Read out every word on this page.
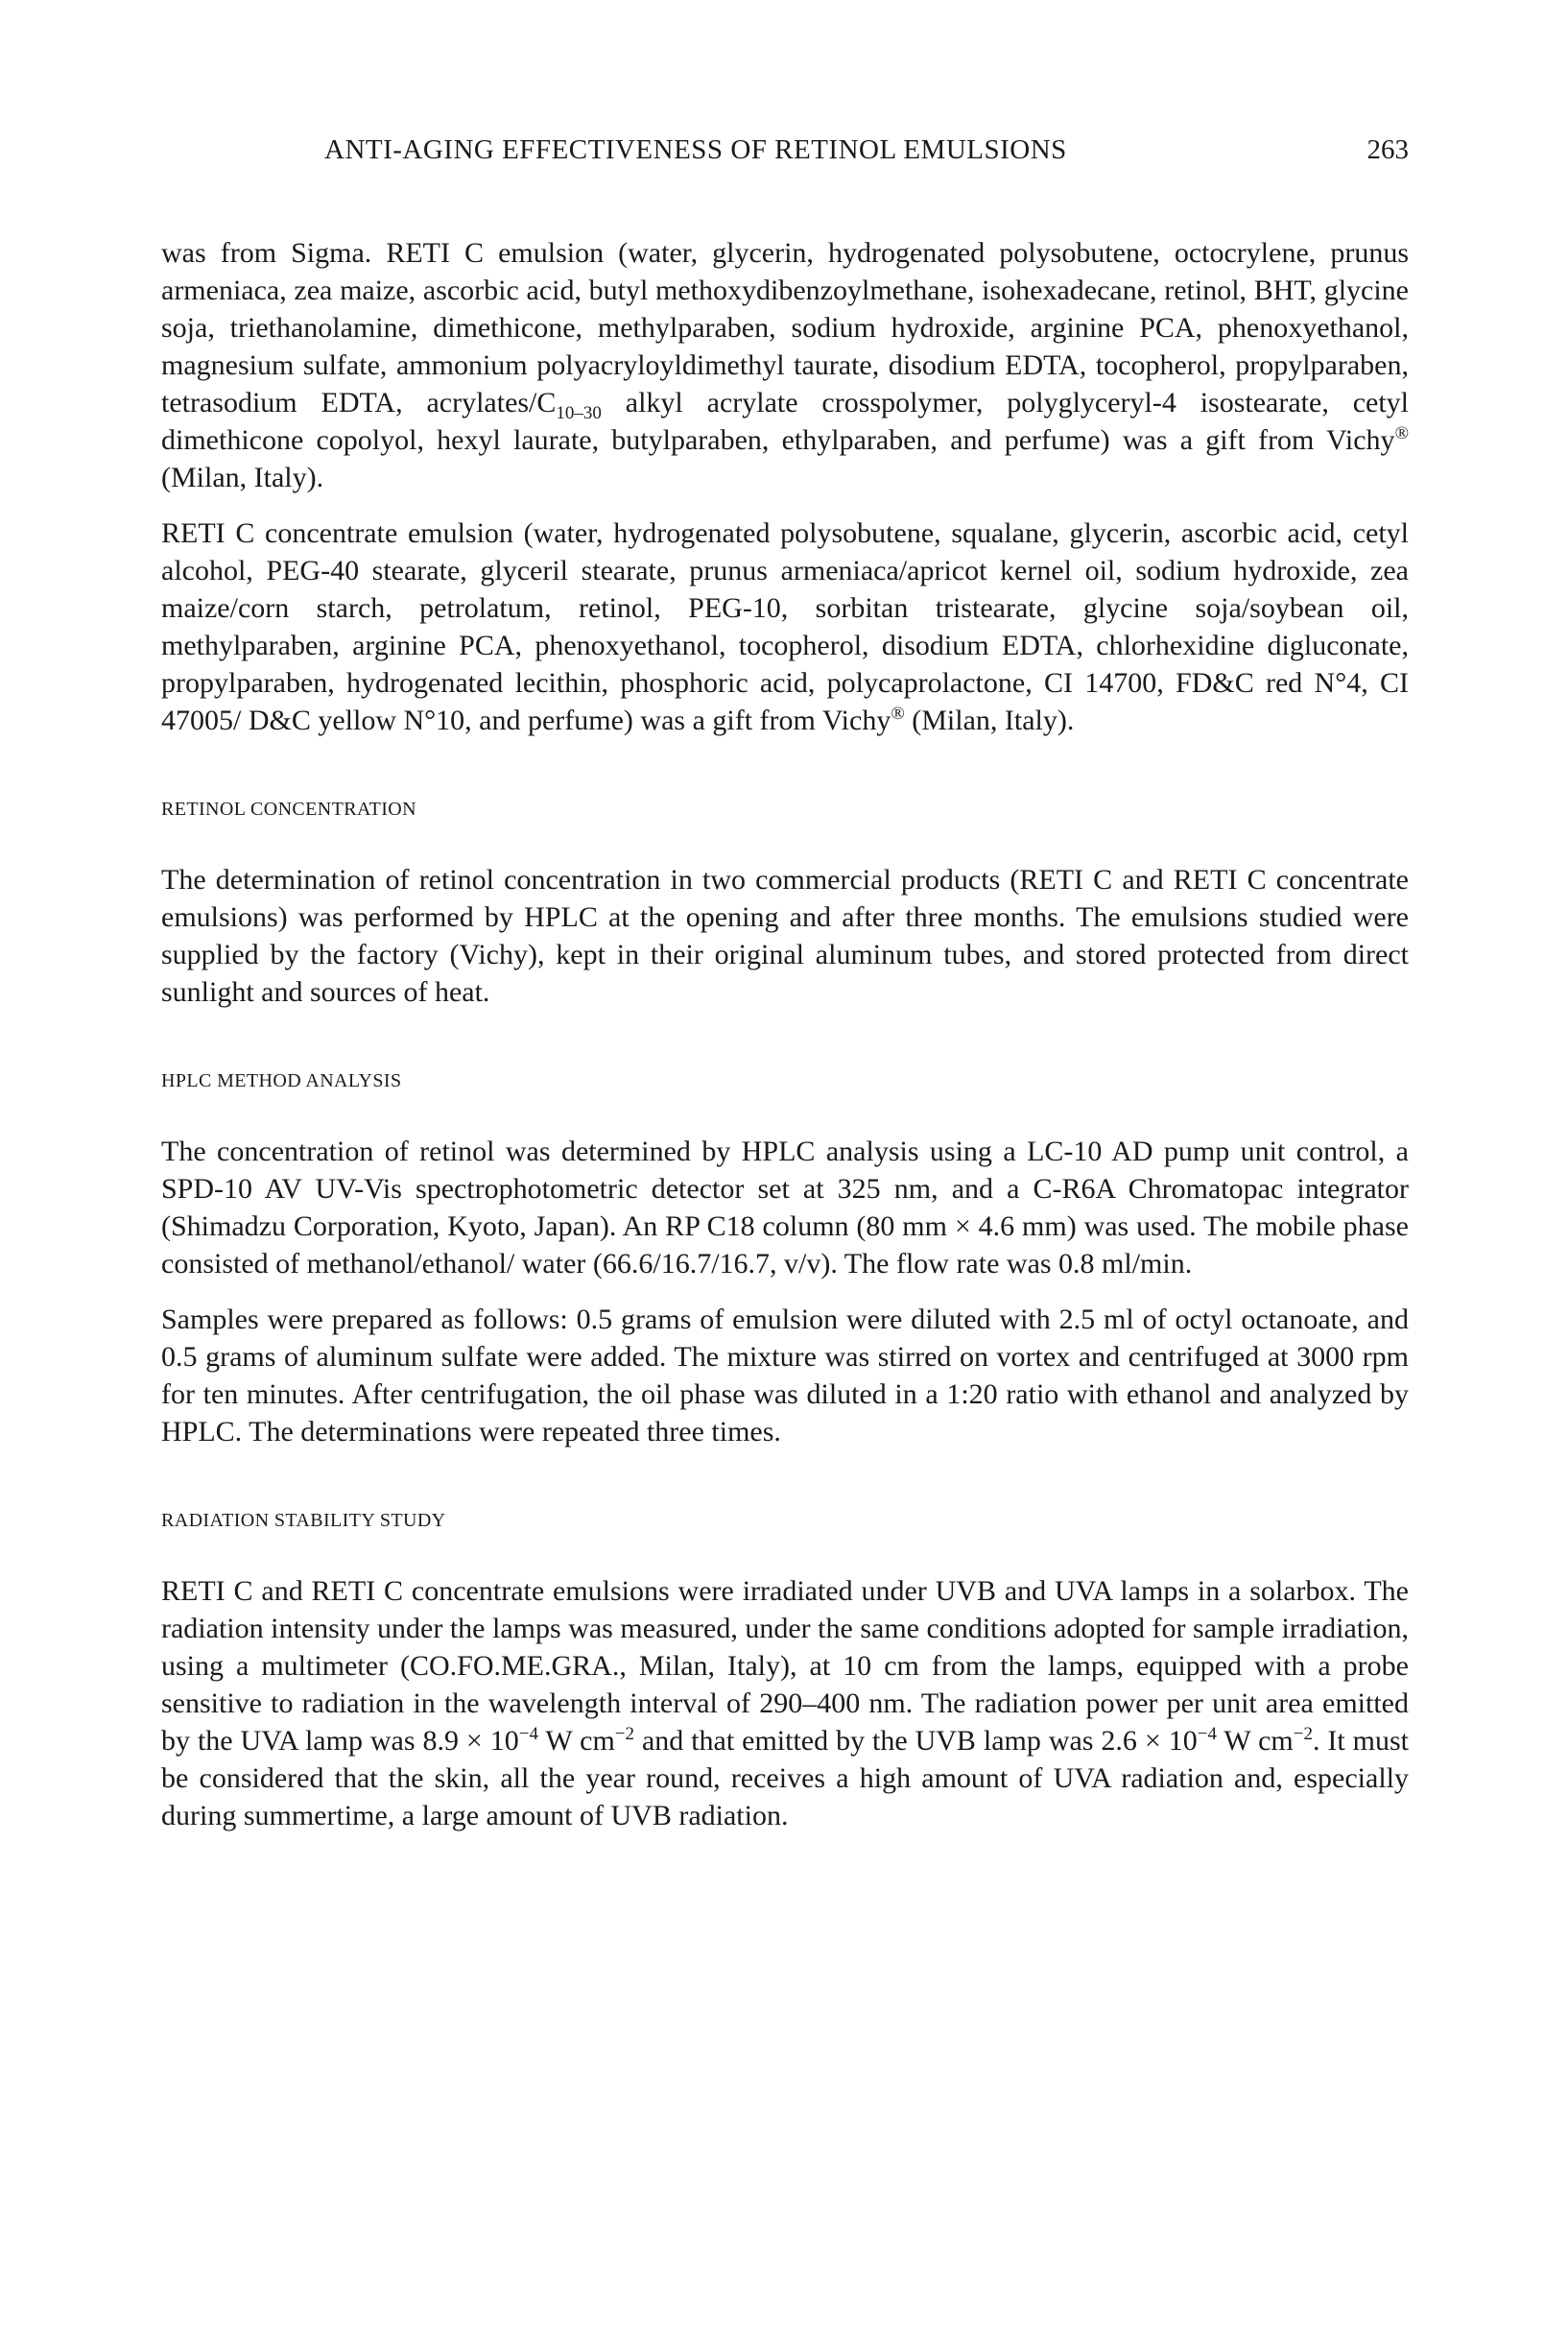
ANTI-AGING EFFECTIVENESS OF RETINOL EMULSIONS	263

was from Sigma. RETI C emulsion (water, glycerin, hydrogenated polysobutene, octocrylene, prunus armeniaca, zea maize, ascorbic acid, butyl methoxydibenzoylmethane, isohexadecane, retinol, BHT, glycine soja, triethanolamine, dimethicone, methylparaben, sodium hydroxide, arginine PCA, phenoxyethanol, magnesium sulfate, ammonium polyacryloyldimethyl taurate, disodium EDTA, tocopherol, propylparaben, tetrasodium EDTA, acrylates/$C_{10-30}$ alkyl acrylate crosspolymer, polyglyceryl-4 isostearate, cetyl dimethicone copolyol, hexyl laurate, butylparaben, ethylparaben, and perfume) was a gift from Vichy® (Milan, Italy).

RETI C concentrate emulsion (water, hydrogenated polysobutene, squalane, glycerin, ascorbic acid, cetyl alcohol, PEG-40 stearate, glyceril stearate, prunus armeniaca/apricot kernel oil, sodium hydroxide, zea maize/corn starch, petrolatum, retinol, PEG-10, sorbitan tristearate, glycine soja/soybean oil, methylparaben, arginine PCA, phenoxyethanol, tocopherol, disodium EDTA, chlorhexidine digluconate, propylparaben, hydrogenated lecithin, phosphoric acid, polycaprolactone, CI 14700, FD&C red N°4, CI 47005/ D&C yellow N°10, and perfume) was a gift from Vichy® (Milan, Italy).

RETINOL CONCENTRATION

The determination of retinol concentration in two commercial products (RETI C and RETI C concentrate emulsions) was performed by HPLC at the opening and after three months. The emulsions studied were supplied by the factory (Vichy), kept in their original aluminum tubes, and stored protected from direct sunlight and sources of heat.

HPLC METHOD ANALYSIS

The concentration of retinol was determined by HPLC analysis using a LC-10 AD pump unit control, a SPD-10 AV UV-Vis spectrophotometric detector set at 325 nm, and a C-R6A Chromatopac integrator (Shimadzu Corporation, Kyoto, Japan). An RP C18 column (80 mm × 4.6 mm) was used. The mobile phase consisted of methanol/ethanol/ water (66.6/16.7/16.7, v/v). The flow rate was 0.8 ml/min.

Samples were prepared as follows: 0.5 grams of emulsion were diluted with 2.5 ml of octyl octanoate, and 0.5 grams of aluminum sulfate were added. The mixture was stirred on vortex and centrifuged at 3000 rpm for ten minutes. After centrifugation, the oil phase was diluted in a 1:20 ratio with ethanol and analyzed by HPLC. The determinations were repeated three times.

RADIATION STABILITY STUDY

RETI C and RETI C concentrate emulsions were irradiated under UVB and UVA lamps in a solarbox. The radiation intensity under the lamps was measured, under the same conditions adopted for sample irradiation, using a multimeter (CO.FO.ME.GRA., Milan, Italy), at 10 cm from the lamps, equipped with a probe sensitive to radiation in the wavelength interval of 290–400 nm. The radiation power per unit area emitted by the UVA lamp was $8.9 \times 10^{-4}$ W $cm^{-2}$ and that emitted by the UVB lamp was $2.6 \times 10^{-4}$ W $cm^{-2}$. It must be considered that the skin, all the year round, receives a high amount of UVA radiation and, especially during summertime, a large amount of UVB radiation.
